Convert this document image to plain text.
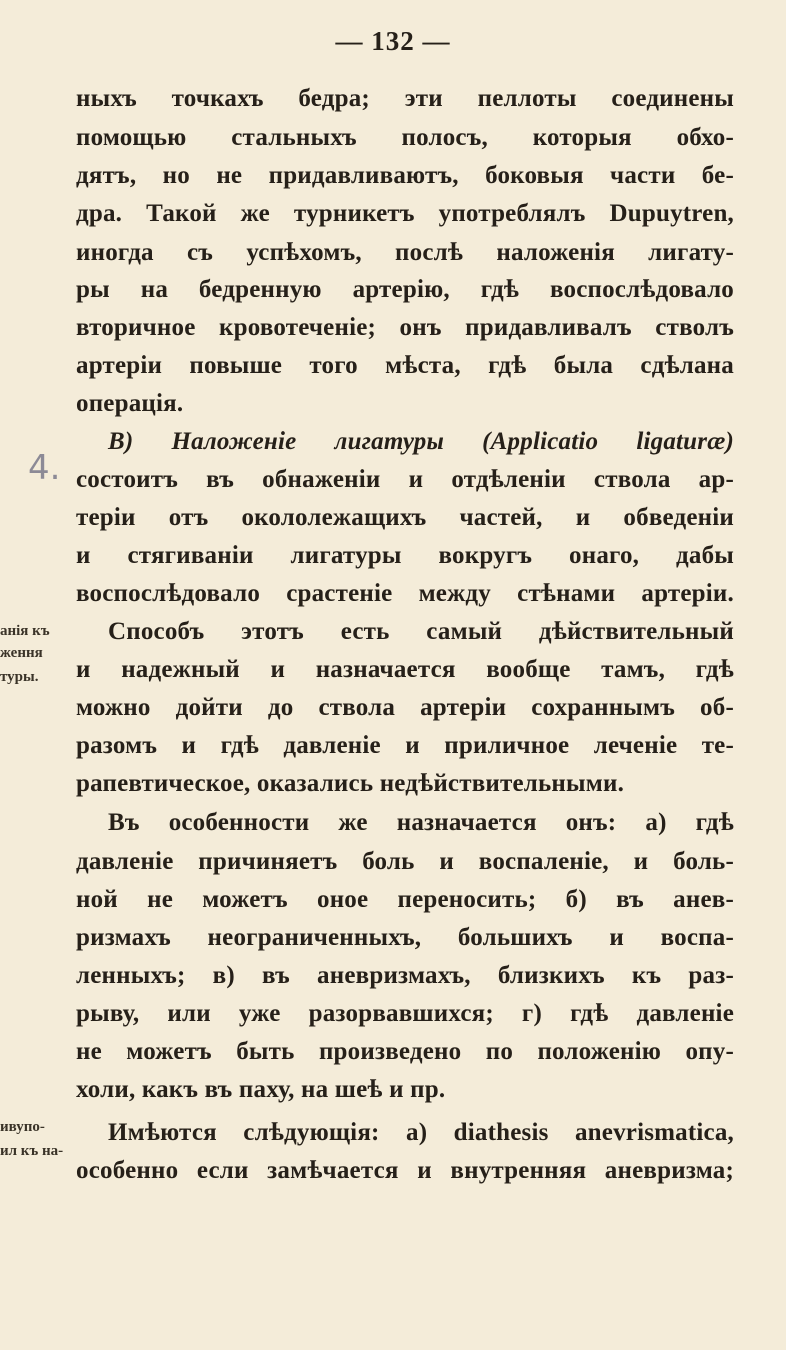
— 132 —
4.
анія къ
ження
туры.
ивупо-
ил къ на-
ныхъ точкахъ бедра; эти пеллоты соединены
помощью стальныхъ полосъ, которыя обхо-
дятъ, но не придавливаютъ, боковыя части бе-
дра. Такой же турникетъ употреблялъ Dupuytren,
иногда съ успѣхомъ, послѣ наложенія лигату-
ры на бедренную артерію, гдѣ воспослѣдовало
вторичное кровотеченіе; онъ придавливалъ стволъ
артеріи повыше того мѣста, гдѣ была сдѣлана
операція.
B) Наложеніе лигатуры (Applicatio ligaturæ)
состоитъ въ обнаженіи и отдѣленіи ствола ар-
теріи отъ окололежащихъ частей, и обведеніи
и стягиваніи лигатуры вокругъ онаго, дабы
воспослѣдовало срастеніе между стѣнами артеріи.
Способъ этотъ есть самый дѣйствительный
и надежный и назначается вообще тамъ, гдѣ
можно дойти до ствола артеріи сохраннымъ об-
разомъ и гдѣ давленіе и приличное леченіе те-
рапевтическое, оказались недѣйствительными.
Въ особенности же назначается онъ: а) гдѣ
давленіе причиняетъ боль и воспаленіе, и боль-
ной не можетъ оное переносить; б) въ анев-
ризмахъ неограниченныхъ, большихъ и воспа-
ленныхъ; в) въ аневризмахъ, близкихъ къ раз-
рыву, или уже разорвавшихся; г) гдѣ давленіе
не можетъ быть произведено по положенію опу-
холи, какъ въ паху, на шеѣ и пр.
Имѣются слѣдующія: а) diathesis anevrismatica,
особенно если замѣчается и внутренняя аневризма;
